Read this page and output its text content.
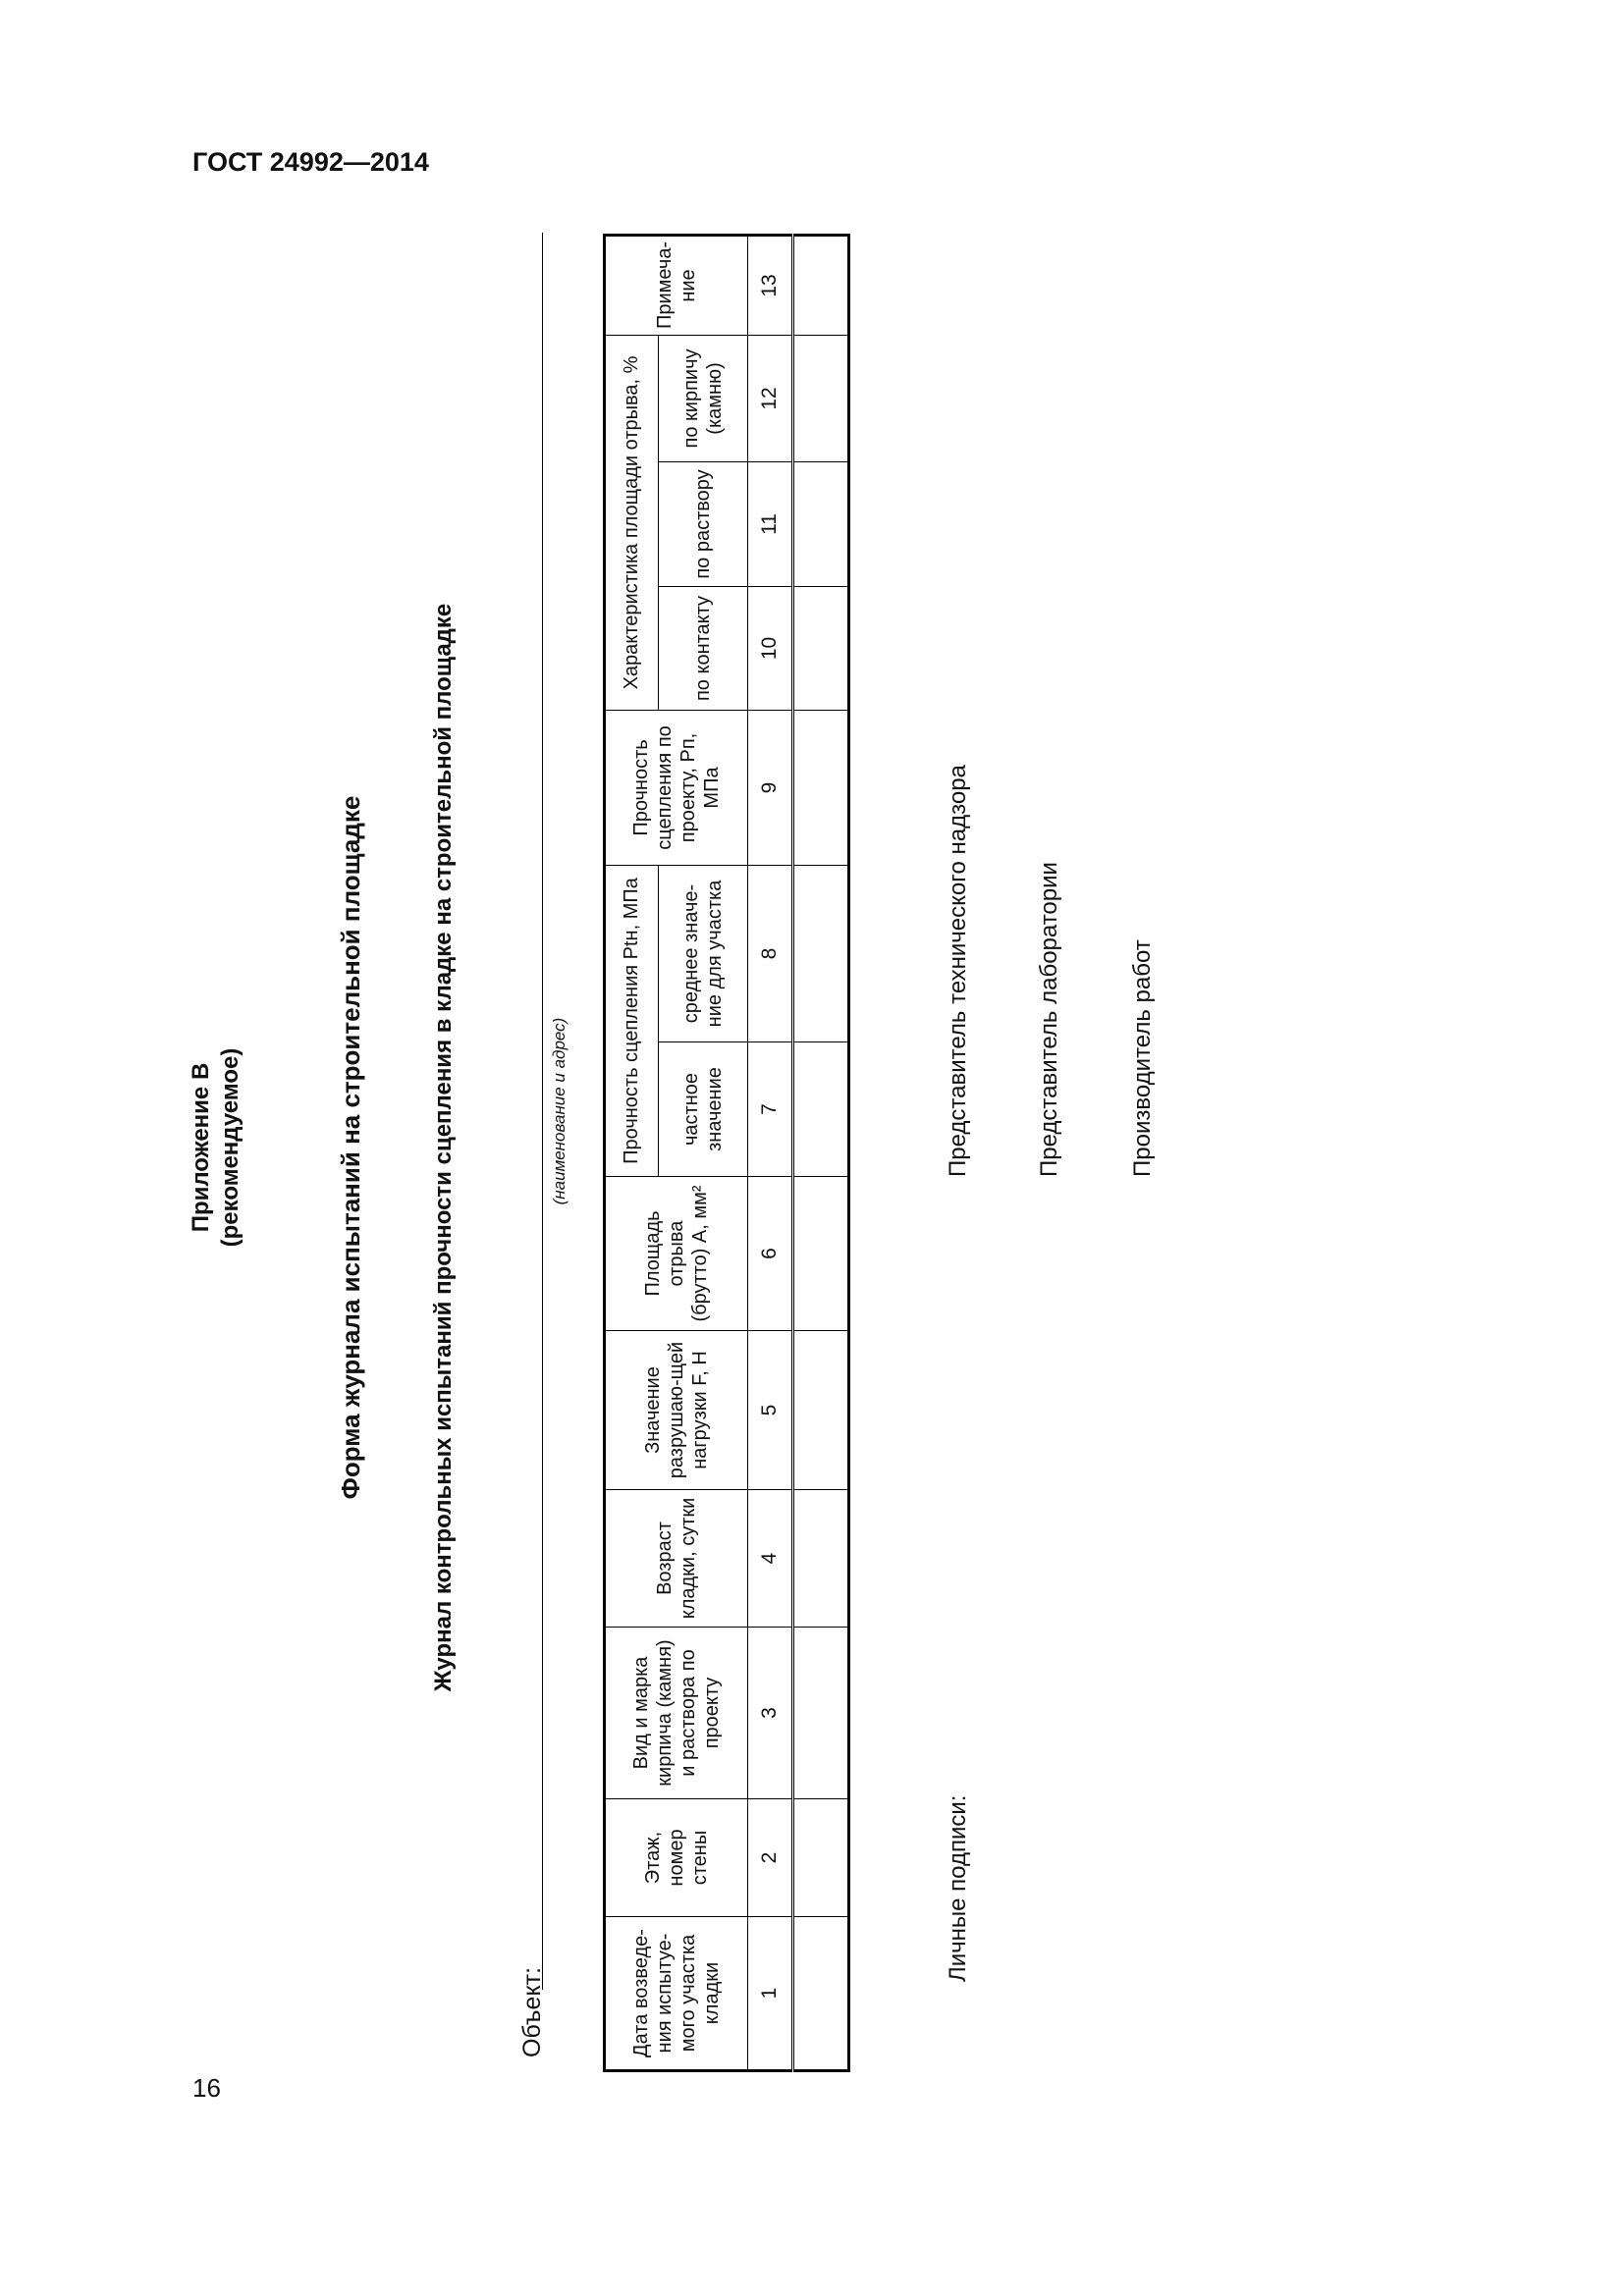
ГОСТ 24992—2014
16
Приложение В (рекомендуемое)	Форма журнала испытаний на строительной площадке	Журнал контрольных испытаний прочности сцепления в кладке на строительной площадке
Объект:
(наименование и адрес)
Дата возведе-ния испытуе-мого участка кладки	Этаж, номер стены	Вид и марка кирпича (камня) и раствора по проекту	Возраст кладки, сутки	Значение разрушаю-щей нагрузки F, Н	Площадь отрыва (брутто) A, мм²	Прочность сцепления Ptн, МПа		Прочность сцепления по проекту, Pп, МПа	Характеристика площади отрыва, %			Примеча-ние
						частное значение	среднее значе-ние для участка		по контакту	по раствору	по кирпичу (камню)	
1	2	3	4	5	6	7	8	9	10	11	12	13

Личные подписи:
Представитель технического надзора	Представитель лаборатории	Производитель работ
